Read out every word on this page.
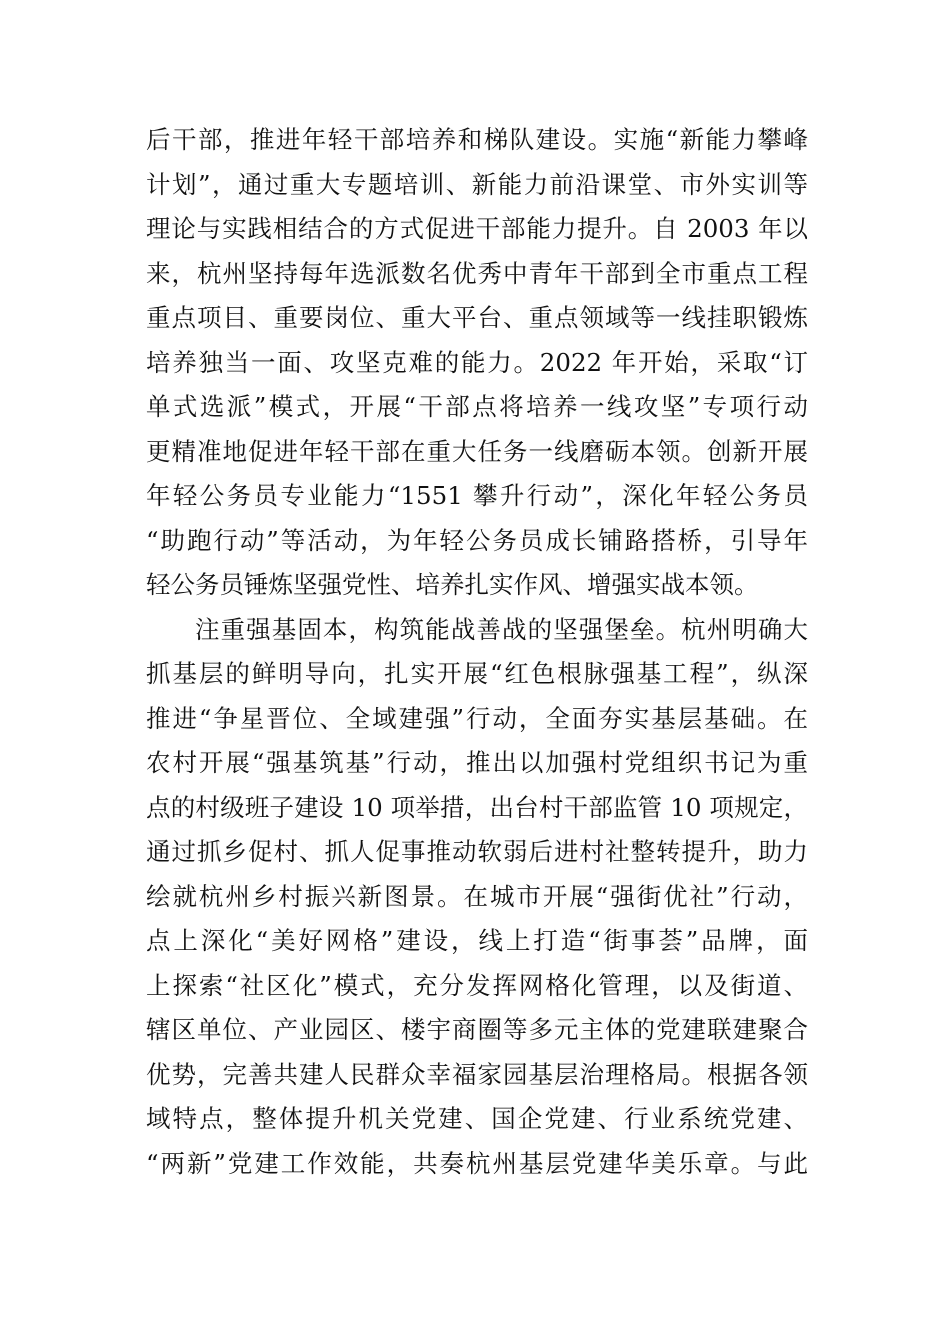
后干部，推进年轻干部培养和梯队建设。实施“新能力攀峰
计划”，通过重大专题培训、新能力前沿课堂、市外实训等
理论与实践相结合的方式促进干部能力提升。自 2003 年以
来，杭州坚持每年选派数名优秀中青年干部到全市重点工程
重点项目、重要岗位、重大平台、重点领域等一线挂职锻炼
培养独当一面、攻坚克难的能力。2022 年开始，采取“订
单式选派”模式，开展“干部点将培养一线攻坚”专项行动
更精准地促进年轻干部在重大任务一线磨砺本领。创新开展
年轻公务员专业能力“1551 攀升行动”，深化年轻公务员
“助跑行动”等活动，为年轻公务员成长铺路搭桥，引导年
轻公务员锤炼坚强党性、培养扎实作风、增强实战本领。
注重强基固本，构筑能战善战的坚强堡垒。杭州明确大
抓基层的鲜明导向，扎实开展“红色根脉强基工程”，纵深
推进“争星晋位、全域建强”行动，全面夯实基层基础。在
农村开展“强基筑基”行动，推出以加强村党组织书记为重
点的村级班子建设 10 项举措，出台村干部监管 10 项规定，
通过抓乡促村、抓人促事推动软弱后进村社整转提升，助力
绘就杭州乡村振兴新图景。在城市开展“强街优社”行动，
点上深化“美好网格”建设，线上打造“街事荟”品牌，面
上探索“社区化”模式，充分发挥网格化管理，以及街道、
辖区单位、产业园区、楼宇商圈等多元主体的党建联建聚合
优势，完善共建人民群众幸福家园基层治理格局。根据各领
域特点，整体提升机关党建、国企党建、行业系统党建、
“两新”党建工作效能，共奏杭州基层党建华美乐章。与此
